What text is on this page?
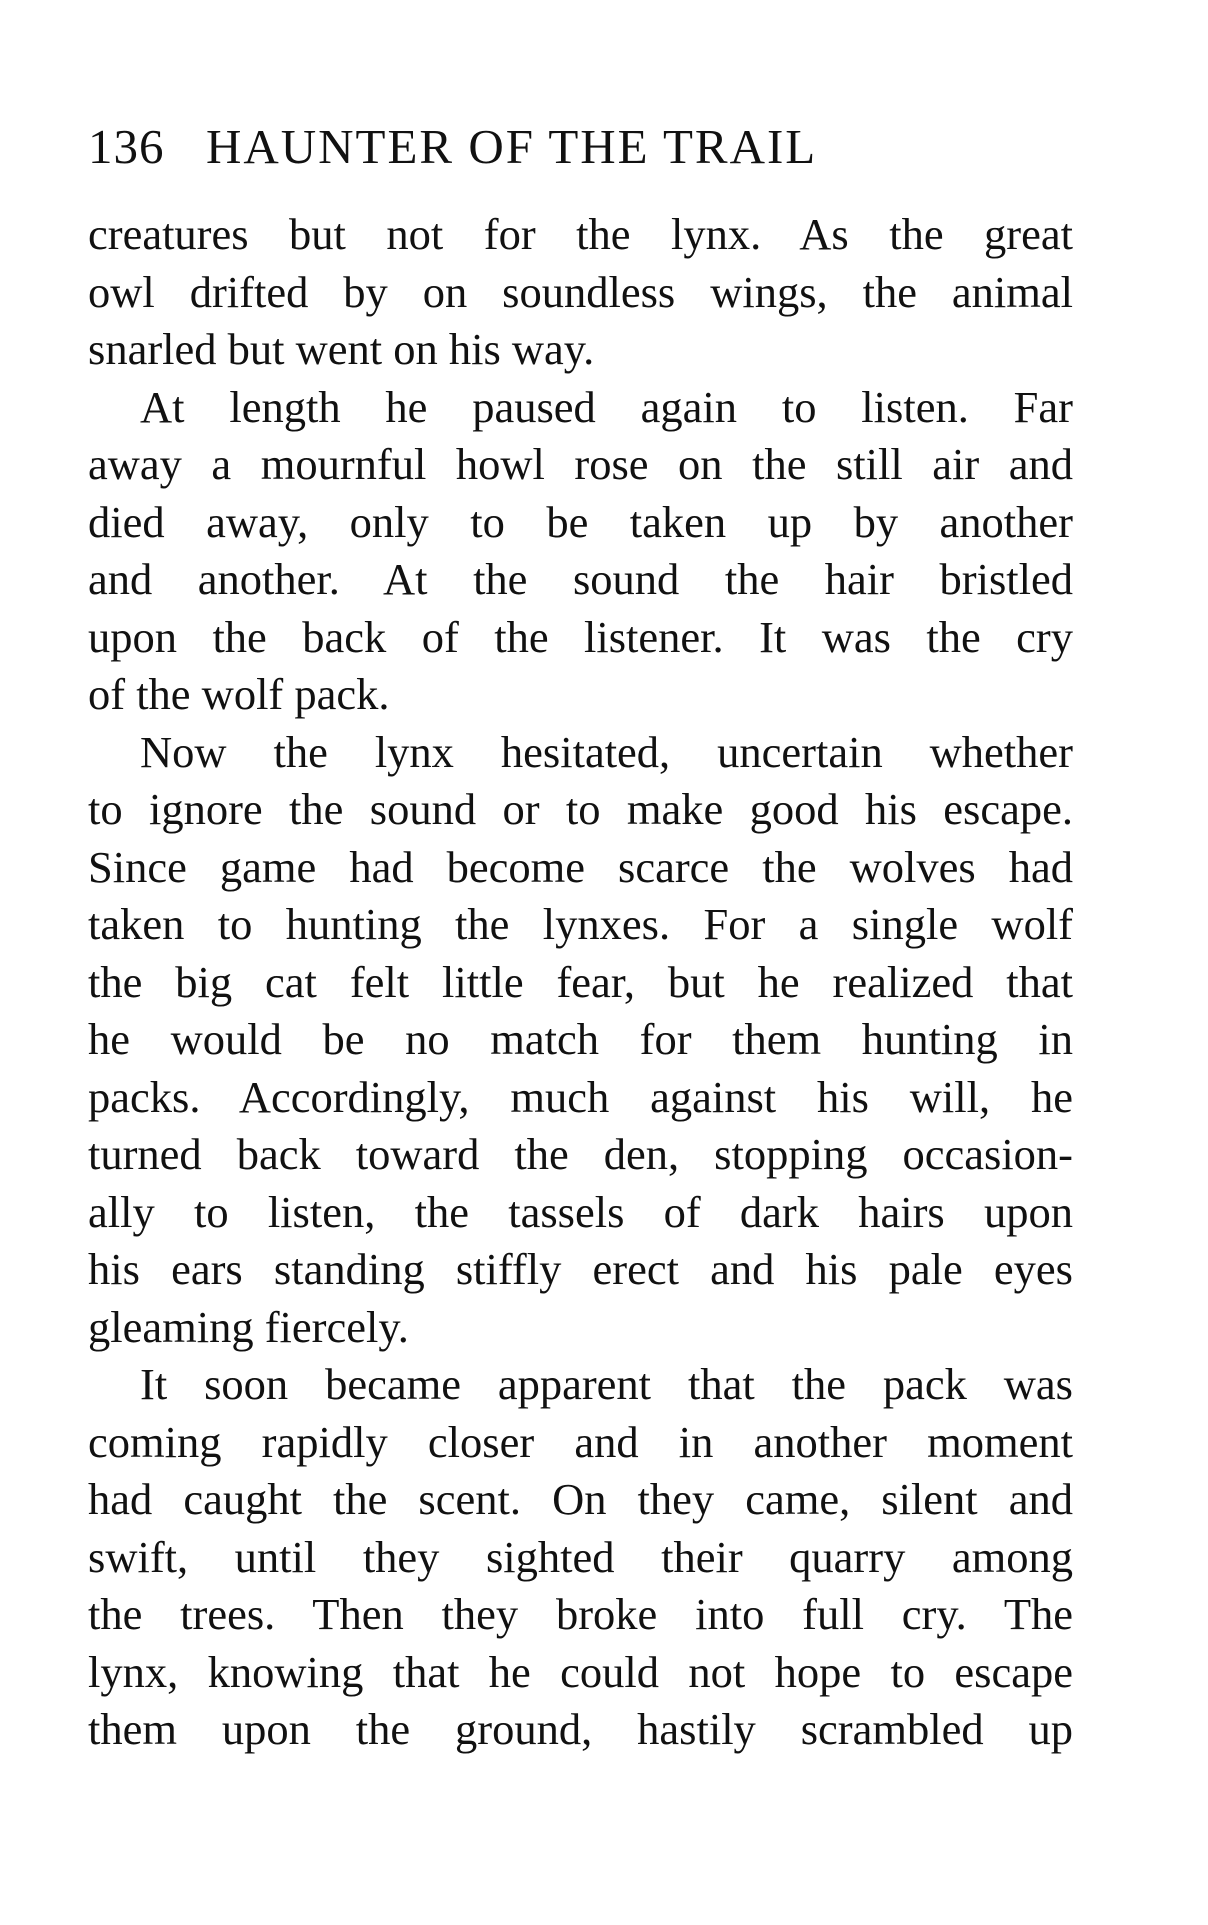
136 HAUNTER OF THE TRAIL

creatures but not for the lynx. As the great
owl drifted by on soundless wings, the animal
snarled but went on his way.

At length he paused again to listen. Far
away a mournful howl rose on the still air and
died away, only to be taken up by another
and another. At the sound the hair bristled
upon the back of the listener. It was the cry
of the wolf pack.

Now the lynx hesitated, uncertain whether
to ignore the sound or to make good his escape.
Since game had become scarce the wolves had
taken to hunting the lynxes. For a single wolf
the big cat felt little fear, but he realized that
he would be no match for them hunting in
packs. Accordingly, much against his will, he
turned back toward the den, stopping occasion-
ally to listen, the tassels of dark hairs upon
his ears standing stiffly erect and his pale eyes
gleaming fiercely.

It soon became apparent that the pack was
coming rapidly closer and in another moment
had caught the scent. On they came, silent and
swift, until they sighted their quarry among
the trees. Then they broke into full cry. The
lynx, knowing that he could not hope to escape
them upon the ground, hastily scrambled up
